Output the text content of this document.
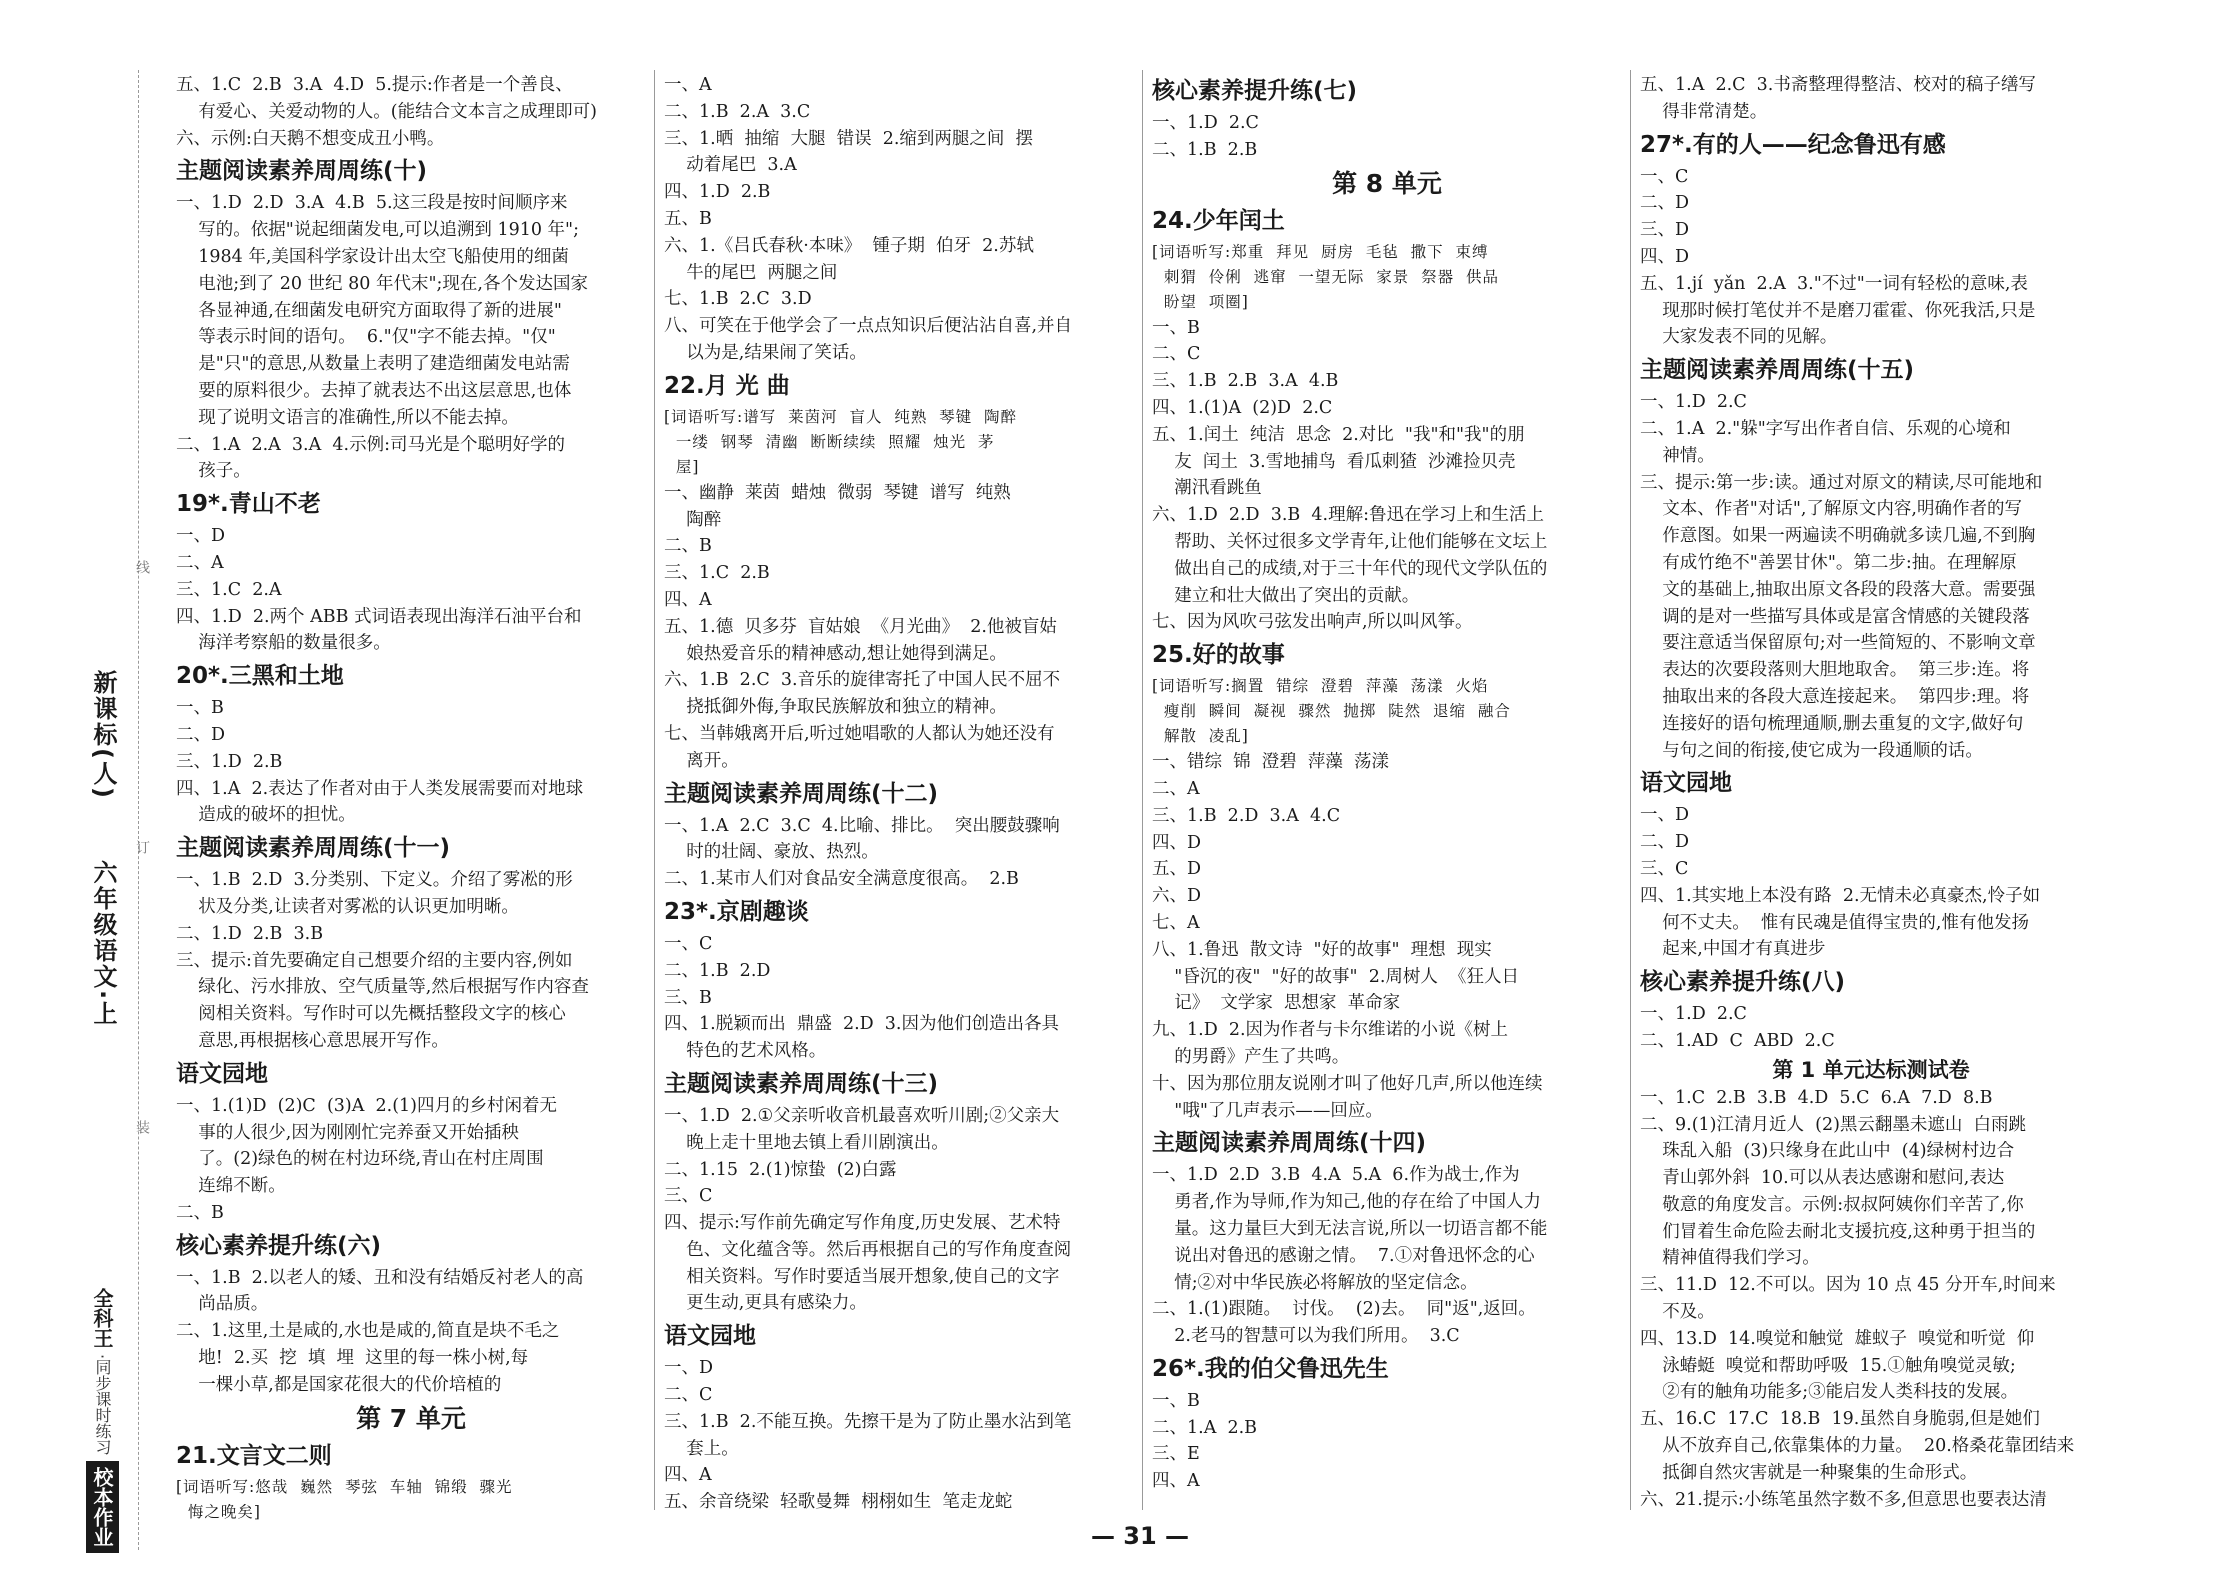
线
订
装
新课标(人)
六年级语文·上
全科王
·同步课时练习
校本作业
五、1.C  2.B  3.A  4.D  5.提示:作者是一个善良、
有爱心、关爱动物的人。(能结合文本言之成理即可)
六、示例:白天鹅不想变成丑小鸭。
主题阅读素养周周练(十)
一、1.D  2.D  3.A  4.B  5.这三段是按时间顺序来
写的。依据"说起细菌发电,可以追溯到 1910 年";
1984 年,美国科学家设计出太空飞船使用的细菌
电池;到了 20 世纪 80 年代末";现在,各个发达国家
各显神通,在细菌发电研究方面取得了新的进展"
等表示时间的语句。  6."仅"字不能去掉。"仅"
是"只"的意思,从数量上表明了建造细菌发电站需
要的原料很少。去掉了就表达不出这层意思,也体
现了说明文语言的准确性,所以不能去掉。
二、1.A  2.A  3.A  4.示例:司马光是个聪明好学的
孩子。
19*.青山不老
一、D
二、A
三、1.C  2.A
四、1.D  2.两个 ABB 式词语表现出海洋石油平台和
海洋考察船的数量很多。
20*.三黑和土地
一、B
二、D
三、1.D  2.B
四、1.A  2.表达了作者对由于人类发展需要而对地球
造成的破坏的担忧。
主题阅读素养周周练(十一)
一、1.B  2.D  3.分类别、下定义。介绍了雾凇的形
状及分类,让读者对雾凇的认识更加明晰。
二、1.D  2.B  3.B
三、提示:首先要确定自己想要介绍的主要内容,例如
绿化、污水排放、空气质量等,然后根据写作内容查
阅相关资料。写作时可以先概括整段文字的核心
意思,再根据核心意思展开写作。
语文园地
一、1.(1)D  (2)C  (3)A  2.(1)四月的乡村闲着无
事的人很少,因为刚刚忙完养蚕又开始插秧
了。(2)绿色的树在村边环绕,青山在村庄周围
连绵不断。
二、B
核心素养提升练(六)
一、1.B  2.以老人的矮、丑和没有结婚反衬老人的高
尚品质。
二、1.这里,土是咸的,水也是咸的,简直是块不毛之
地!  2.买  挖  填  埋  这里的每一株小树,每
一棵小草,都是国家花很大的代价培植的
第 7 单元
21.文言文二则
[词语听写:悠哉  巍然  琴弦  车轴  锦缎  骤光
悔之晚矣]
一、A
二、1.B  2.A  3.C
三、1.晒  抽缩  大腿  错误  2.缩到两腿之间  摆
动着尾巴  3.A
四、1.D  2.B
五、B
六、1.《吕氏春秋·本味》  锺子期  伯牙  2.苏轼
牛的尾巴  两腿之间
七、1.B  2.C  3.D
八、可笑在于他学会了一点点知识后便沾沾自喜,并自
以为是,结果闹了笑话。
22.月 光 曲
[词语听写:谱写  莱茵河  盲人  纯熟  琴键  陶醉
一缕  钢琴  清幽  断断续续  照耀  烛光  茅
屋]
一、幽静  莱茵  蜡烛  微弱  琴键  谱写  纯熟
陶醉
二、B
三、1.C  2.B
四、A
五、1.德  贝多芬  盲姑娘  《月光曲》  2.他被盲姑
娘热爱音乐的精神感动,想让她得到满足。
六、1.B  2.C  3.音乐的旋律寄托了中国人民不屈不
挠抵御外侮,争取民族解放和独立的精神。
七、当韩娥离开后,听过她唱歌的人都认为她还没有
离开。
主题阅读素养周周练(十二)
一、1.A  2.C  3.C  4.比喻、排比。  突出腰鼓骤响
时的壮阔、豪放、热烈。
二、1.某市人们对食品安全满意度很高。  2.B
23*.京剧趣谈
一、C
二、1.B  2.D
三、B
四、1.脱颖而出  鼎盛  2.D  3.因为他们创造出各具
特色的艺术风格。
主题阅读素养周周练(十三)
一、1.D  2.①父亲听收音机最喜欢听川剧;②父亲大
晚上走十里地去镇上看川剧演出。
二、1.15  2.(1)惊蛰  (2)白露
三、C
四、提示:写作前先确定写作角度,历史发展、艺术特
色、文化蕴含等。然后再根据自己的写作角度查阅
相关资料。写作时要适当展开想象,使自己的文字
更生动,更具有感染力。
语文园地
一、D
二、C
三、1.B  2.不能互换。先擦干是为了防止墨水沾到笔
套上。
四、A
五、余音绕梁  轻歌曼舞  栩栩如生  笔走龙蛇
核心素养提升练(七)
一、1.D  2.C
二、1.B  2.B
第 8 单元
24.少年闰土
[词语听写:郑重  拜见  厨房  毛毡  撒下  束缚
刺猬  伶俐  逃窜  一望无际  家景  祭器  供品
盼望  项圈]
一、B
二、C
三、1.B  2.B  3.A  4.B
四、1.(1)A  (2)D  2.C
五、1.闰土  纯洁  思念  2.对比  "我"和"我"的朋
友  闰土  3.雪地捕鸟  看瓜刺猹  沙滩捡贝壳
潮汛看跳鱼
六、1.D  2.D  3.B  4.理解:鲁迅在学习上和生活上
帮助、关怀过很多文学青年,让他们能够在文坛上
做出自己的成绩,对于三十年代的现代文学队伍的
建立和壮大做出了突出的贡献。
七、因为风吹弓弦发出响声,所以叫风筝。
25.好的故事
[词语听写:搁置  错综  澄碧  萍藻  荡漾  火焰
瘦削  瞬间  凝视  骤然  抛掷  陡然  退缩  融合
解散  凌乱]
一、错综  锦  澄碧  萍藻  荡漾
二、A
三、1.B  2.D  3.A  4.C
四、D
五、D
六、D
七、A
八、1.鲁迅  散文诗  "好的故事"  理想  现实
"昏沉的夜"  "好的故事"  2.周树人  《狂人日
记》  文学家  思想家  革命家
九、1.D  2.因为作者与卡尔维诺的小说《树上
的男爵》产生了共鸣。
十、因为那位朋友说刚才叫了他好几声,所以他连续
"哦"了几声表示——回应。
主题阅读素养周周练(十四)
一、1.D  2.D  3.B  4.A  5.A  6.作为战士,作为
勇者,作为导师,作为知己,他的存在给了中国人力
量。这力量巨大到无法言说,所以一切语言都不能
说出对鲁迅的感谢之情。  7.①对鲁迅怀念的心
情;②对中华民族必将解放的坚定信念。
二、1.(1)跟随。  讨伐。  (2)去。  同"返",返回。
2.老马的智慧可以为我们所用。  3.C
26*.我的伯父鲁迅先生
一、B
二、1.A  2.B
三、E
四、A
五、1.A  2.C  3.书斋整理得整洁、校对的稿子缮写
得非常清楚。
27*.有的人——纪念鲁迅有感
一、C
二、D
三、D
四、D
五、1.jí  yǎn  2.A  3."不过"一词有轻松的意味,表
现那时候打笔仗并不是磨刀霍霍、你死我活,只是
大家发表不同的见解。
主题阅读素养周周练(十五)
一、1.D  2.C
二、1.A  2."躲"字写出作者自信、乐观的心境和
神情。
三、提示:第一步:读。通过对原文的精读,尽可能地和
文本、作者"对话",了解原文内容,明确作者的写
作意图。如果一两遍读不明确就多读几遍,不到胸
有成竹绝不"善罢甘休"。第二步:抽。在理解原
文的基础上,抽取出原文各段的段落大意。需要强
调的是对一些描写具体或是富含情感的关键段落
要注意适当保留原句;对一些简短的、不影响文章
表达的次要段落则大胆地取舍。  第三步:连。将
抽取出来的各段大意连接起来。  第四步:理。将
连接好的语句梳理通顺,删去重复的文字,做好句
与句之间的衔接,使它成为一段通顺的话。
语文园地
一、D
二、D
三、C
四、1.其实地上本没有路  2.无情未必真豪杰,怜子如
何不丈夫。  惟有民魂是值得宝贵的,惟有他发扬
起来,中国才有真进步
核心素养提升练(八)
一、1.D  2.C
二、1.AD  C  ABD  2.C
第 1 单元达标测试卷
一、1.C  2.B  3.B  4.D  5.C  6.A  7.D  8.B
二、9.(1)江清月近人  (2)黑云翻墨未遮山  白雨跳
珠乱入船  (3)只缘身在此山中  (4)绿树村边合
青山郭外斜  10.可以从表达感谢和慰问,表达
敬意的角度发言。示例:叔叔阿姨你们辛苦了,你
们冒着生命危险去耐北支援抗疫,这种勇于担当的
精神值得我们学习。
三、11.D  12.不可以。因为 10 点 45 分开车,时间来
不及。
四、13.D  14.嗅觉和触觉  雄蚁子  嗅觉和听觉  仰
泳蝽蜓  嗅觉和帮助呼吸  15.①触角嗅觉灵敏;
②有的触角功能多;③能启发人类科技的发展。
五、16.C  17.C  18.B  19.虽然自身脆弱,但是她们
从不放弃自己,依靠集体的力量。  20.格桑花靠团结来
抵御自然灾害就是一种聚集的生命形式。
六、21.提示:小练笔虽然字数不多,但意思也要表达清
— 31 —
